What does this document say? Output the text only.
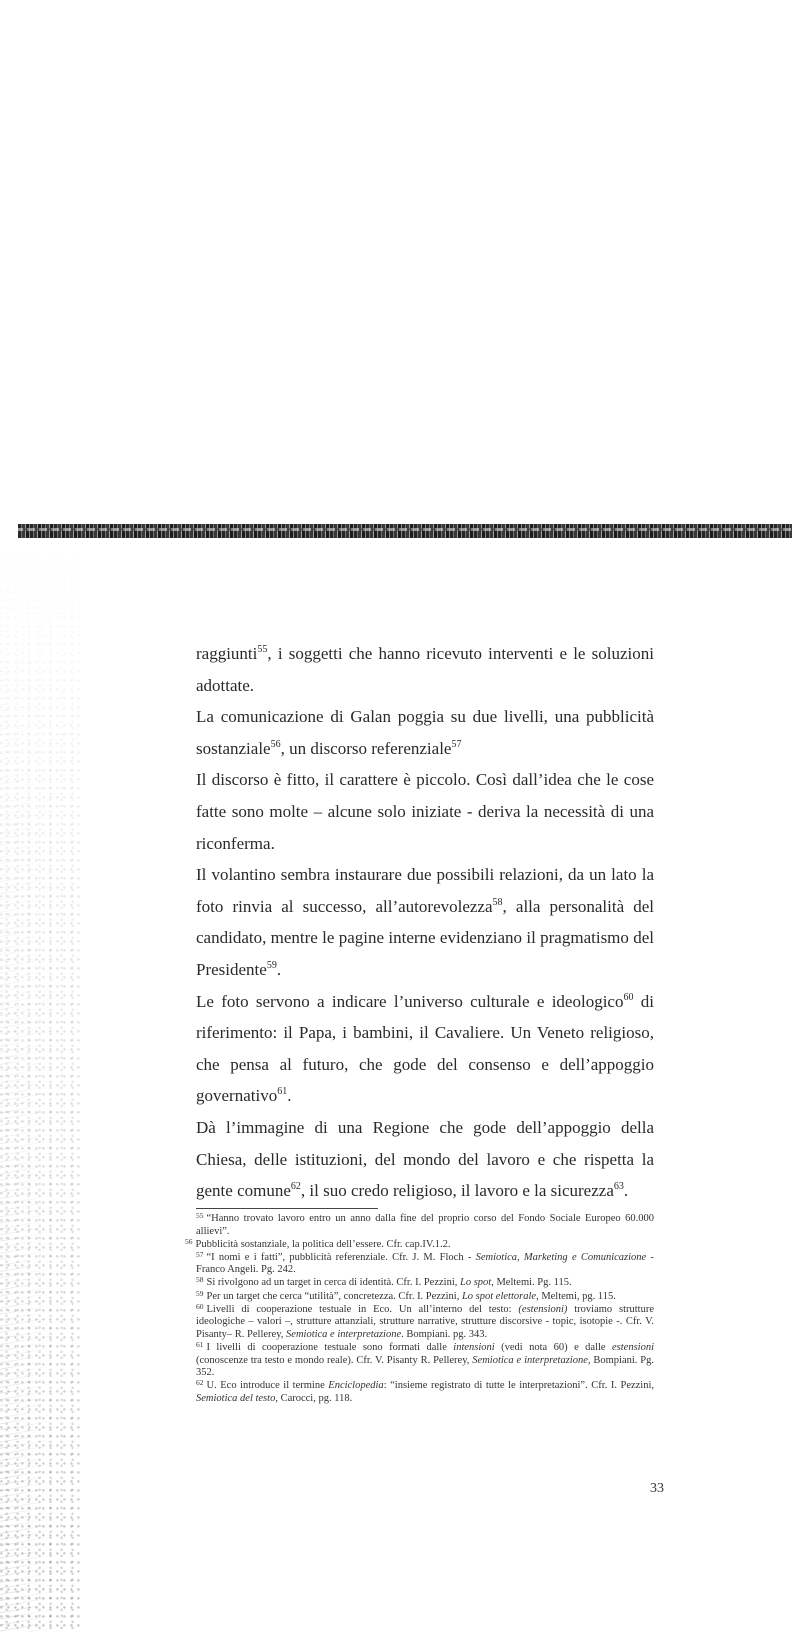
raggiunti$^{55}$, i soggetti che hanno ricevuto interventi e le soluzioni adottate.

La comunicazione di Galan poggia su due livelli, una pubblicità sostanziale$^{56}$, un discorso referenziale$^{57}$

Il discorso è fitto, il carattere è piccolo. Così dall’idea che le cose fatte sono molte – alcune solo iniziate - deriva la necessità di una riconferma.

Il volantino sembra instaurare due possibili relazioni, da un lato la foto rinvia al successo, all’autorevolezza$^{58}$, alla personalità del candidato, mentre le pagine interne evidenziano il pragmatismo del Presidente$^{59}$.

Le foto servono a indicare l’universo culturale e ideologico$^{60}$ di riferimento: il Papa, i bambini, il Cavaliere. Un Veneto religioso, che pensa al futuro, che gode del consenso e dell’appoggio governativo$^{61}$.

Dà l’immagine di una Regione che gode dell’appoggio della Chiesa, delle istituzioni, del mondo del lavoro e che rispetta la gente comune$^{62}$, il suo credo religioso, il lavoro e la sicurezza$^{63}$.

$^{55}$ “Hanno trovato lavoro entro un anno dalla fine del proprio corso del Fondo Sociale Europeo 60.000 allievi”.

$^{56}$ Pubblicità sostanziale, la politica dell’essere. Cfr. cap.IV.1.2.

$^{57}$ “I nomi e i fatti”, pubblicità referenziale. Cfr. J. M. Floch - Semiotica, Marketing e Comunicazione - Franco Angeli. Pg. 242.

$^{58}$ Si rivolgono ad un target in cerca di identità. Cfr. I. Pezzini, Lo spot, Meltemi. Pg. 115.

$^{59}$ Per un target che cerca “utilità”, concretezza. Cfr. I. Pezzini, Lo spot elettorale, Meltemi, pg. 115.

$^{60}$ Livelli di cooperazione testuale in Eco. Un all’interno del testo: (estensioni) troviamo strutture ideologiche – valori –, strutture attanziali, strutture narrative, strutture discorsive - topic, isotopie -. Cfr. V. Pisanty– R. Pellerey, Semiotica e interpretazione. Bompiani. pg. 343.

$^{61}$ I livelli di cooperazione testuale sono formati dalle intensioni (vedi nota 60) e dalle estensioni (conoscenze tra testo e mondo reale). Cfr. V. Pisanty R. Pellerey, Semiotica e interpretazione, Bompiani. Pg. 352.

$^{62}$ U. Eco introduce il termine Enciclopedia: “insieme registrato di tutte le interpretazioni”. Cfr. I. Pezzini, Semiotica del testo, Carocci, pg. 118.

33
